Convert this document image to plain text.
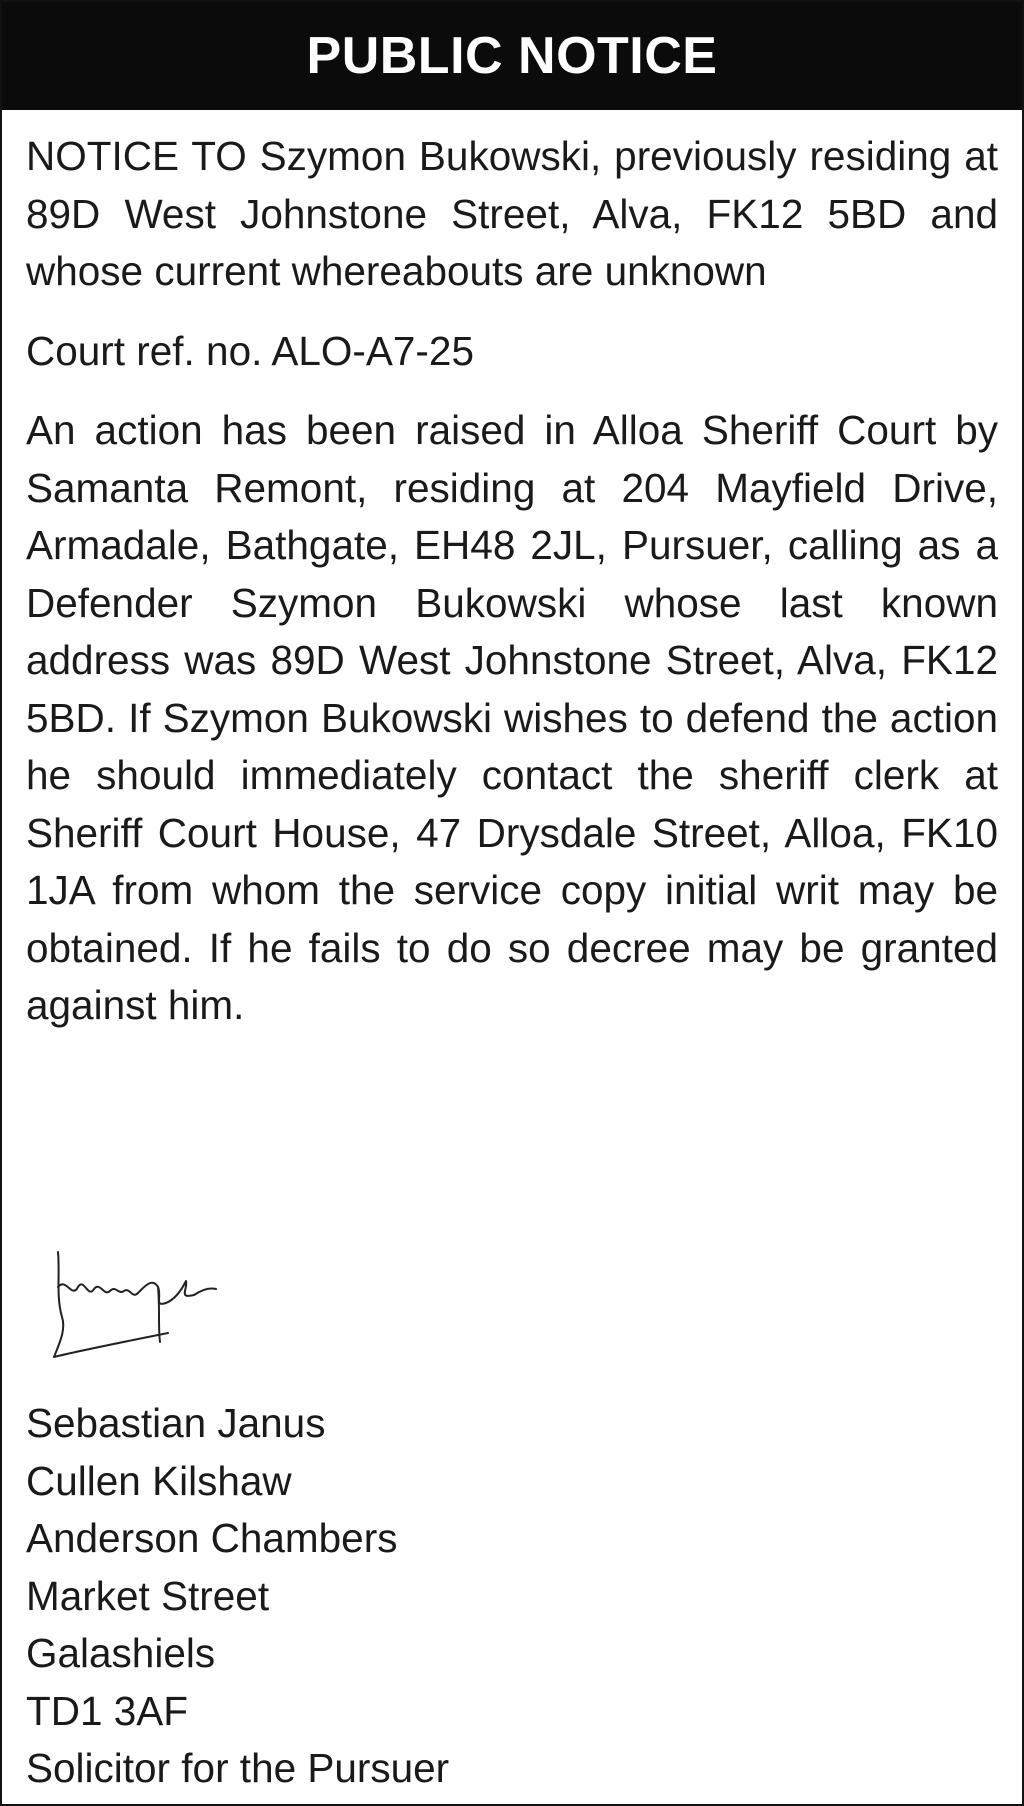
PUBLIC NOTICE

NOTICE TO Szymon Bukowski, previously residing at 89D West Johnstone Street, Alva, FK12 5BD and whose current whereabouts are unknown

Court ref. no. ALO-A7-25

An action has been raised in Alloa Sheriff Court by Samanta Remont, residing at 204 Mayfield Drive, Armadale, Bathgate, EH48 2JL, Pursuer, calling as a Defender Szymon Bukowski whose last known address was 89D West Johnstone Street, Alva, FK12 5BD. If Szymon Bukowski wishes to defend the action he should immediately contact the sheriff clerk at Sheriff Court House, 47 Drysdale Street, Alloa, FK10 1JA from whom the service copy initial writ may be obtained. If he fails to do so decree may be granted against him.

Sebastian Janus
Cullen Kilshaw
Anderson Chambers
Market Street
Galashiels
TD1 3AF
Solicitor for the Pursuer
